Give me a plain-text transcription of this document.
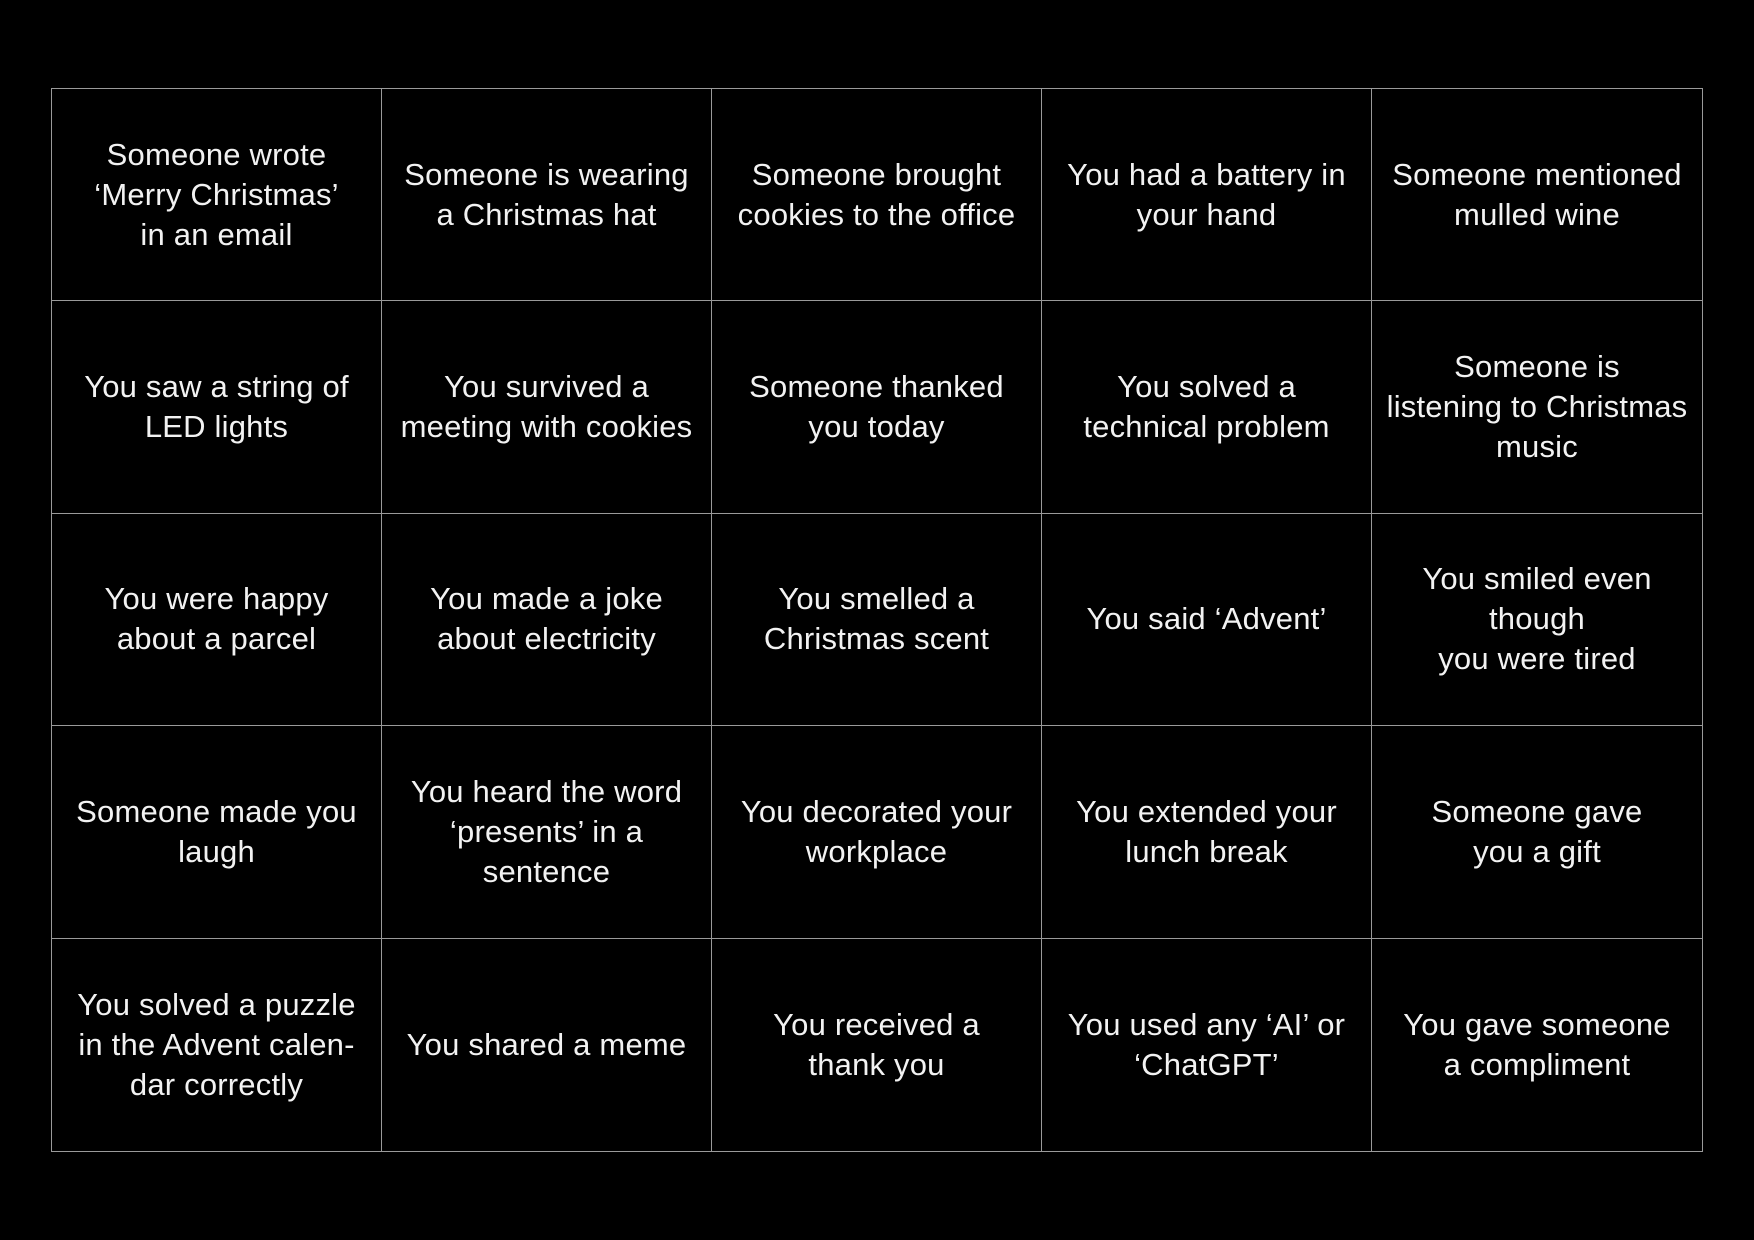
Someone wrote
‘Merry Christmas’
in an email
Someone is wearing
a Christmas hat
Someone brought
cookies to the office
You had a battery in
your hand
Someone mentioned
mulled wine
You saw a string of
LED lights
You survived a
meeting with cookies
Someone thanked
you today
You solved a
technical problem
Someone is
listening to Christmas
music
You were happy
about a parcel
You made a joke
about electricity
You smelled a
Christmas scent
You said ‘Advent’
You smiled even
though
you were tired
Someone made you
laugh
You heard the word
‘presents’ in a
sentence
You decorated your
workplace
You extended your
lunch break
Someone gave
you a gift
You solved a puzzle
in the Advent calen-
dar correctly
You shared a meme
You received a
thank you
You used any ‘AI’ or
‘ChatGPT’
You gave someone
a compliment
